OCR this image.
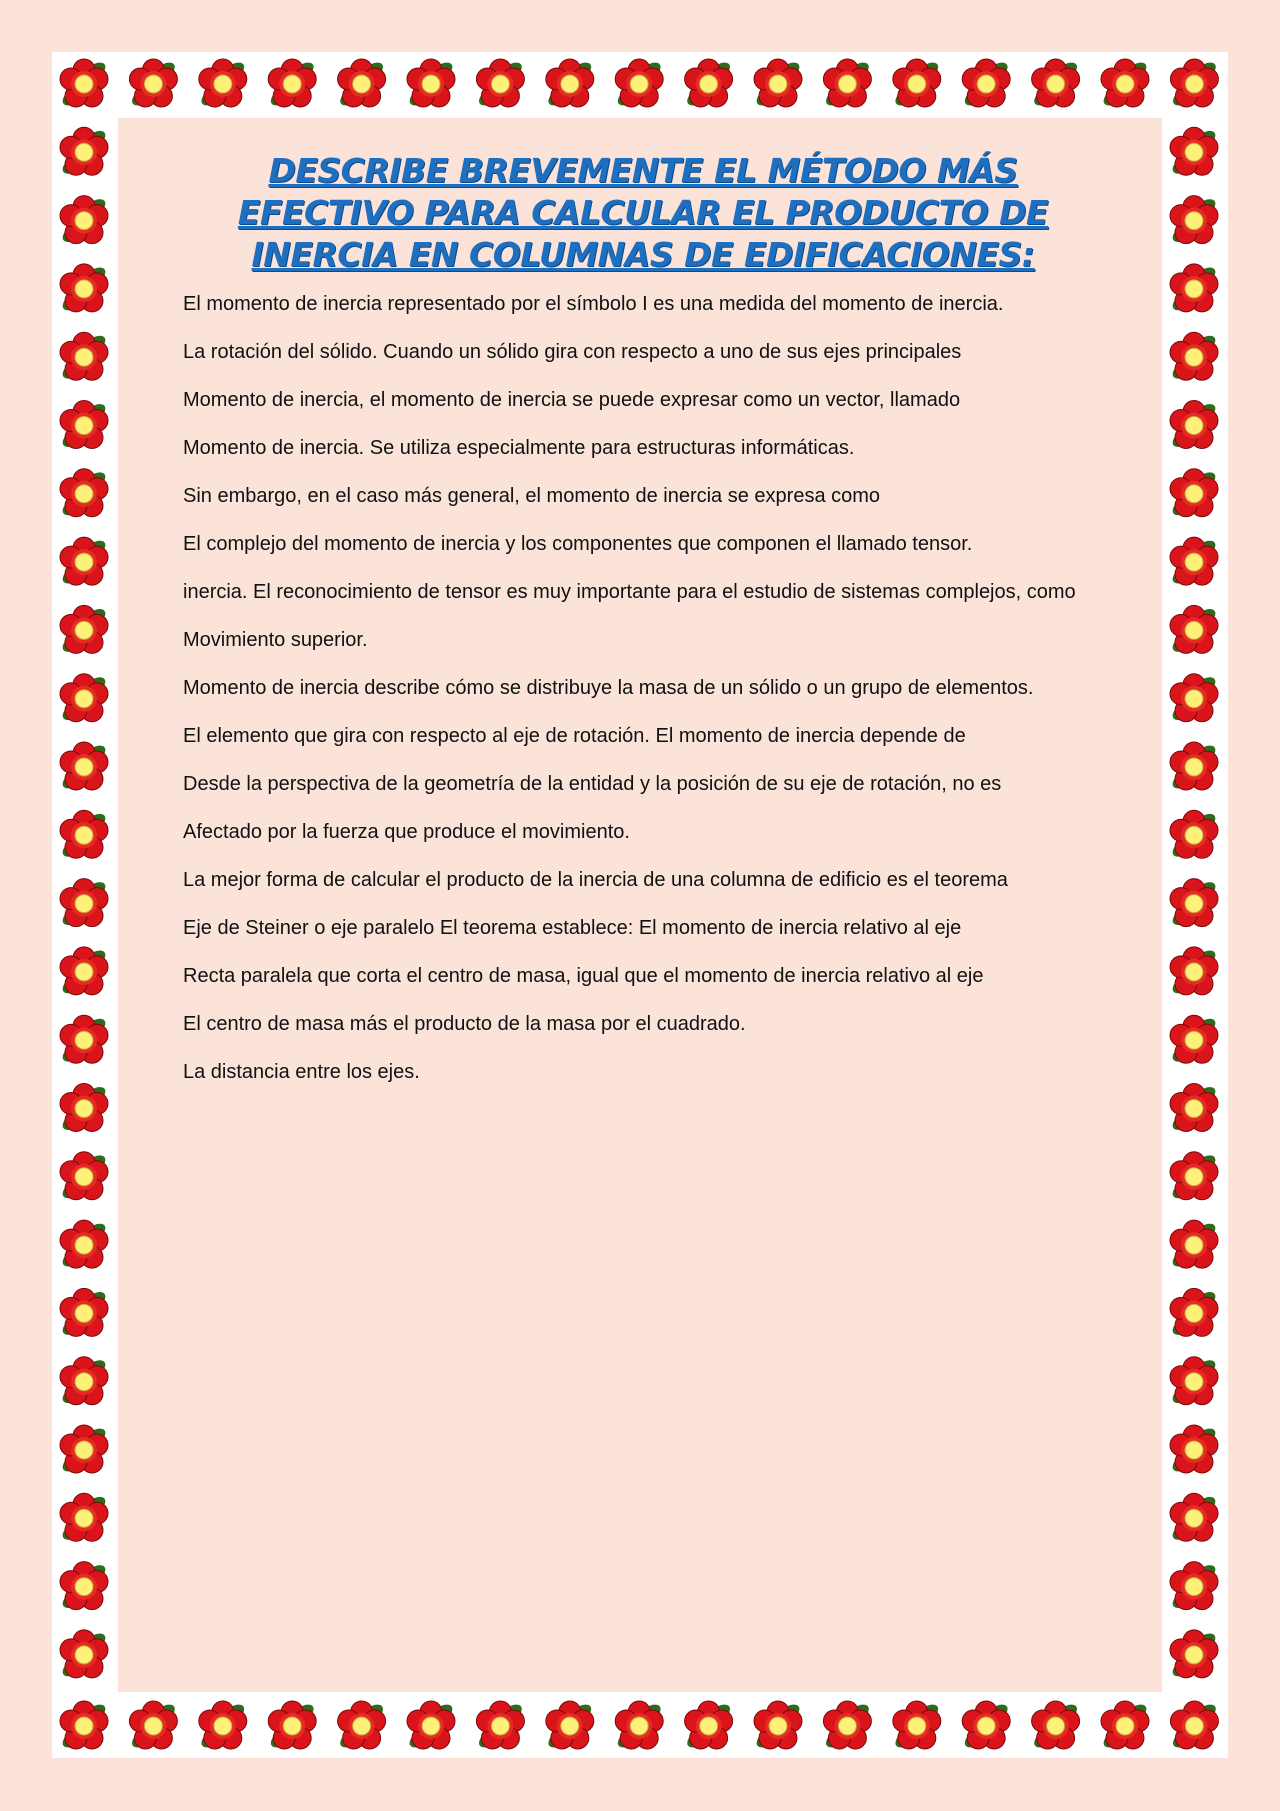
DESCRIBE BREVEMENTE EL MÉTODO MÁS EFECTIVO PARA CALCULAR EL PRODUCTO DE INERCIA EN COLUMNAS DE EDIFICACIONES:

El momento de inercia representado por el símbolo I es una medida del momento de inercia.

La rotación del sólido. Cuando un sólido gira con respecto a uno de sus ejes principales

Momento de inercia, el momento de inercia se puede expresar como un vector, llamado

Momento de inercia. Se utiliza especialmente para estructuras informáticas.

Sin embargo, en el caso más general, el momento de inercia se expresa como

El complejo del momento de inercia y los componentes que componen el llamado tensor.

inercia. El reconocimiento de tensor es muy importante para el estudio de sistemas complejos, como

Movimiento superior.

Momento de inercia describe cómo se distribuye la masa de un sólido o un grupo de elementos.

El elemento que gira con respecto al eje de rotación. El momento de inercia depende de

Desde la perspectiva de la geometría de la entidad y la posición de su eje de rotación, no es

Afectado por la fuerza que produce el movimiento.

La mejor forma de calcular el producto de la inercia de una columna de edificio es el teorema

Eje de Steiner o eje paralelo El teorema establece: El momento de inercia relativo al eje

Recta paralela que corta el centro de masa, igual que el momento de inercia relativo al eje

El centro de masa más el producto de la masa por el cuadrado.

La distancia entre los ejes.
